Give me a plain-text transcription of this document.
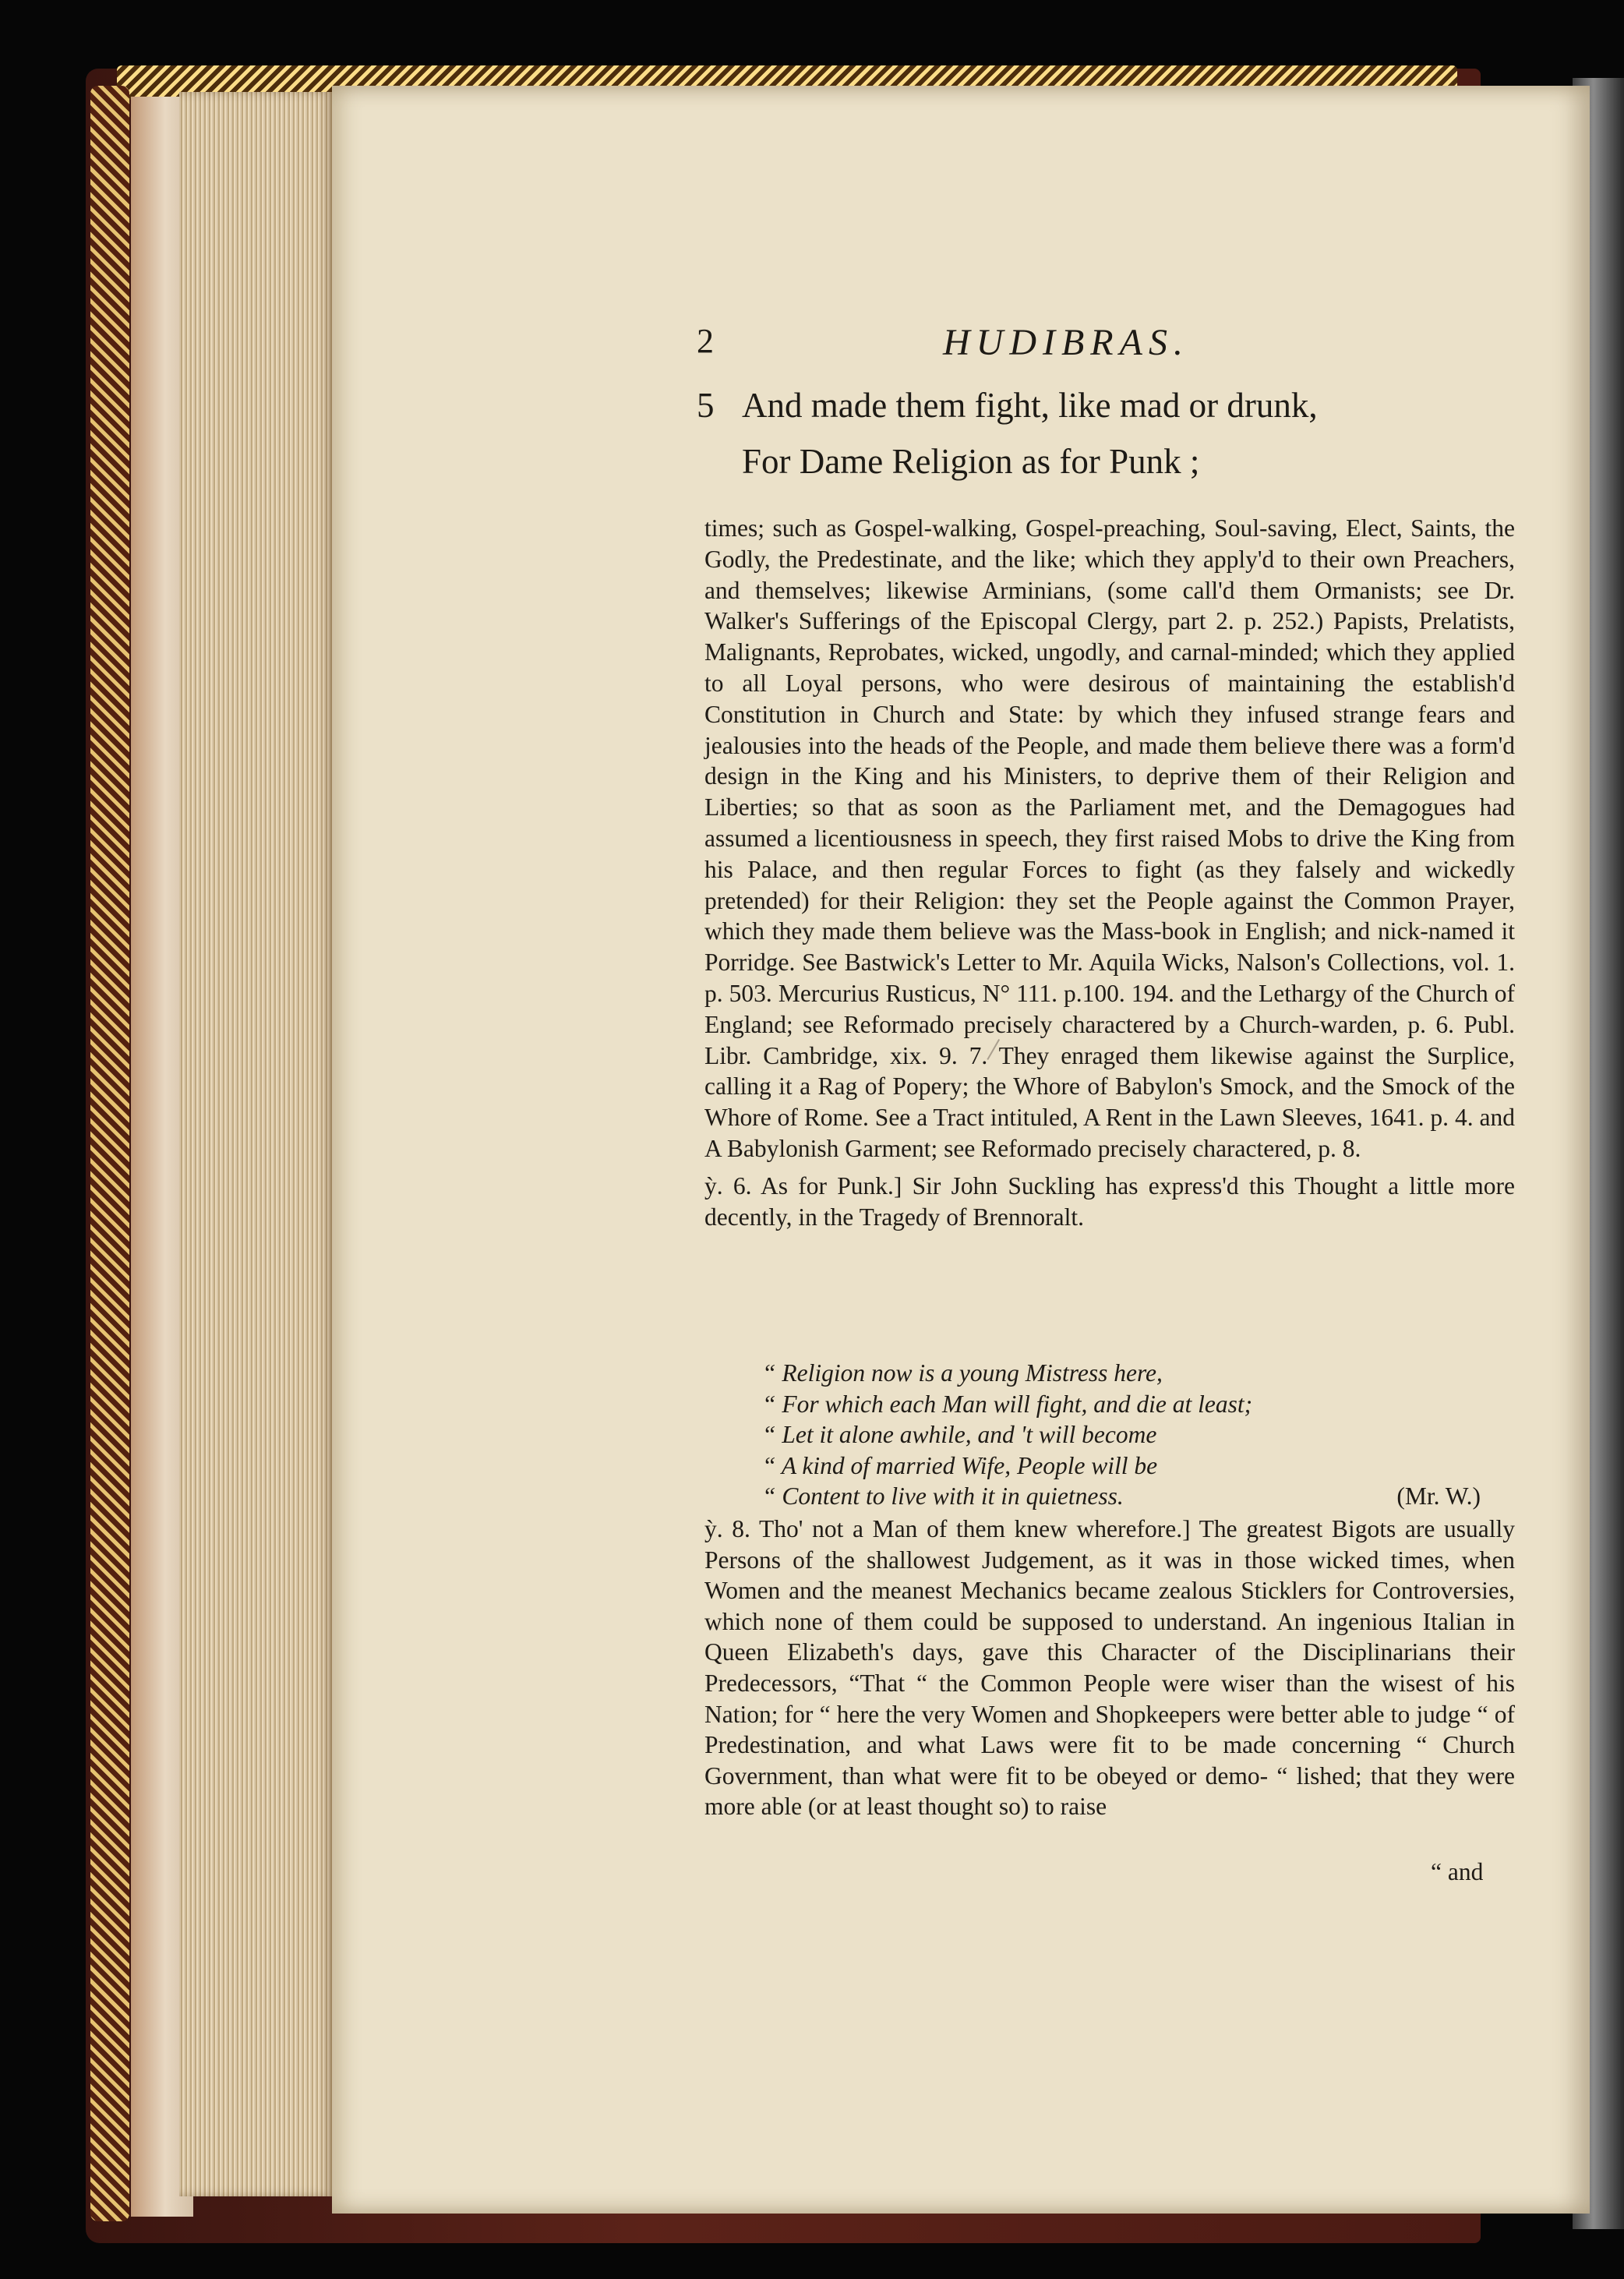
2	HUDIBRAS.
5 And made them fight, like mad or drunk,
For Dame Religion as for Punk ;

times; such as Gospel-walking, Gospel-preaching, Soul-saving, Elect, Saints, the Godly, the Predestinate, and the like; which they apply'd to their own Preachers, and themselves; likewise Arminians, (some call'd them Ormanists; see Dr. Walker's Sufferings of the Episcopal Clergy, part 2. p. 252.) Papists, Prelatists, Malignants, Reprobates, wicked, ungodly, and carnal-minded; which they applied to all Loyal persons, who were desirous of maintaining the establish'd Constitution in Church and State: by which they infused strange fears and jealousies into the heads of the People, and made them believe there was a form'd design in the King and his Ministers, to deprive them of their Religion and Liberties; so that as soon as the Parliament met, and the Demagogues had assumed a licentiousness in speech, they first raised Mobs to drive the King from his Palace, and then regular Forces to fight (as they falsely and wickedly pretended) for their Religion: they set the People against the Common Prayer, which they made them believe was the Mass-book in English; and nick-named it Porridge. See Bastwick's Letter to Mr. Aquila Wicks, Nalson's Collections, vol. 1. p. 503. Mercurius Rusticus, N° 111. p.100. 194. and the Lethargy of the Church of England; see Reformado precisely charactered by a Church-warden, p. 6. Publ. Libr. Cambridge, xix. 9. 7. They enraged them likewise against the Surplice, calling it a Rag of Popery; the Whore of Babylon's Smock, and the Smock of the Whore of Rome. See a Tract intituled, A Rent in the Lawn Sleeves, 1641. p. 4. and A Babylonish Garment; see Reformado precisely charactered, p. 8.

ỳ. 6. As for Punk.] Sir John Suckling has express'd this Thought a little more decently, in the Tragedy of Brennoralt.

“ Religion now is a young Mistress here,
“ For which each Man will fight, and die at least;
“ Let it alone awhile, and 't will become
“ A kind of married Wife, People will be
“ Content to live with it in quietness.	(Mr. W.)

ỳ. 8. Tho' not a Man of them knew wherefore.] The greatest Bigots are usually Persons of the shallowest Judgement, as it was in those wicked times, when Women and the meanest Mechanics became zealous Sticklers for Controversies, which none of them could be supposed to understand. An ingenious Italian in Queen Elizabeth's days, gave this Character of the Disciplinarians their Predecessors, “That “ the Common People were wiser than the wisest of his Nation; for “ here the very Women and Shopkeepers were better able to judge “ of Predestination, and what Laws were fit to be made concerning “ Church Government, than what were fit to be obeyed or demo- “ lished; that they were more able (or at least thought so) to raise

“ and
